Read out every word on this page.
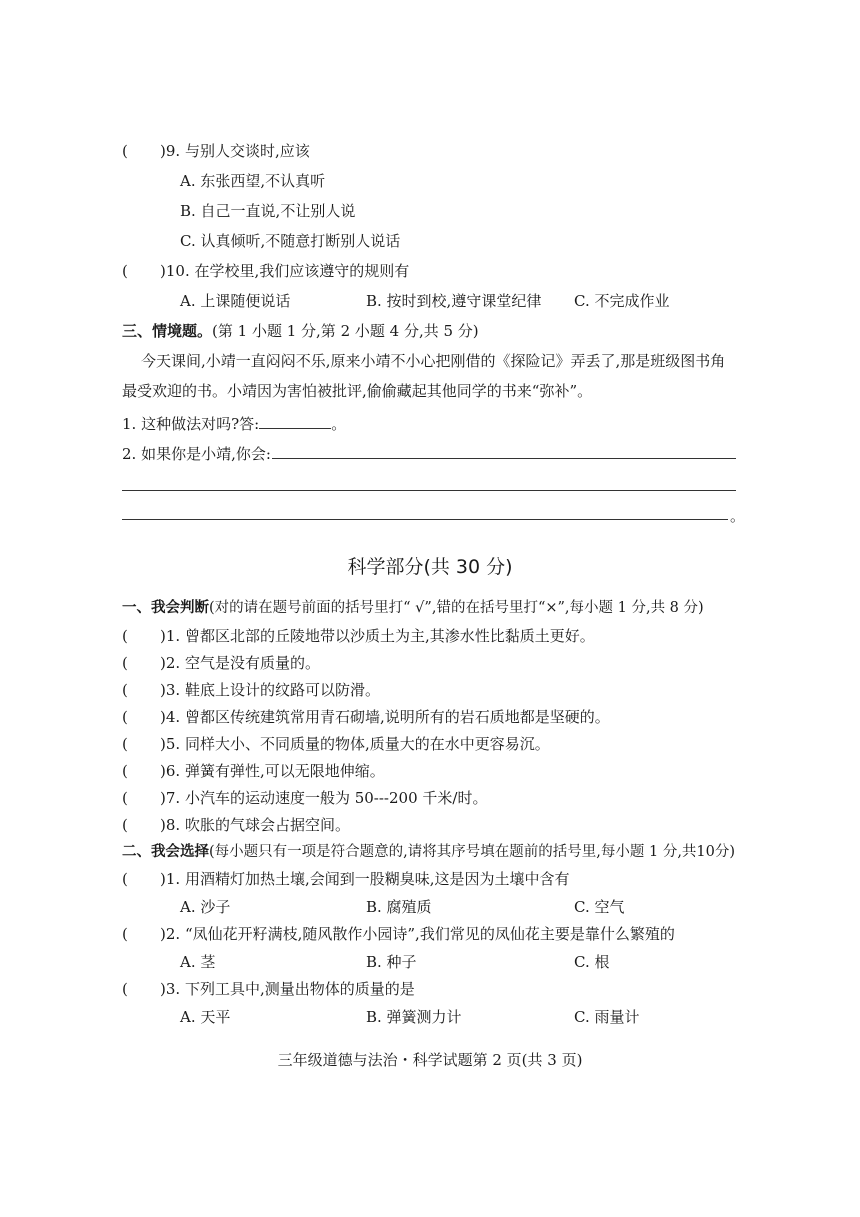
( )9. 与别人交谈时,应该
A. 东张西望,不认真听
B. 自己一直说,不让别人说
C. 认真倾听,不随意打断别人说话
( )10. 在学校里,我们应该遵守的规则有
A. 上课随便说话	B. 按时到校,遵守课堂纪律 C. 不完成作业
三、情境题。(第 1 小题 1 分,第 2 小题 4 分,共 5 分)
今天课间,小靖一直闷闷不乐,原来小靖不小心把刚借的《探险记》弄丢了,那是班级图书角
最受欢迎的书。小靖因为害怕被批评,偷偷藏起其他同学的书来“弥补”。
1. 这种做法对吗?答:	。
2. 如果你是小靖,你会:
。
科学部分(共 30 分)
一、我会判断(对的请在题号前面的括号里打“ √”,错的在括号里打“×”,每小题 1 分,共 8 分)
( )1. 曾都区北部的丘陵地带以沙质土为主,其渗水性比黏质土更好。
( )2. 空气是没有质量的。
( )3. 鞋底上设计的纹路可以防滑。
( )4. 曾都区传统建筑常用青石砌墙,说明所有的岩石质地都是坚硬的。
( )5. 同样大小、不同质量的物体,质量大的在水中更容易沉。
( )6. 弹簧有弹性,可以无限地伸缩。
( )7. 小汽车的运动速度一般为 50---200 千米/时。
( )8. 吹胀的气球会占据空间。
二、我会选择(每小题只有一项是符合题意的,请将其序号填在题前的括号里,每小题 1 分,共10分)
( )1. 用酒精灯加热土壤,会闻到一股糊臭味,这是因为土壤中含有
A. 沙子	B. 腐殖质	C. 空气
( )2. “凤仙花开籽满枝,随风散作小园诗”,我们常见的凤仙花主要是靠什么繁殖的
A. 茎	B. 种子	C. 根
( )3. 下列工具中,测量出物体的质量的是
A. 天平	B. 弹簧测力计	C. 雨量计
三年级道德与法治・科学试题第 2 页(共 3 页)
